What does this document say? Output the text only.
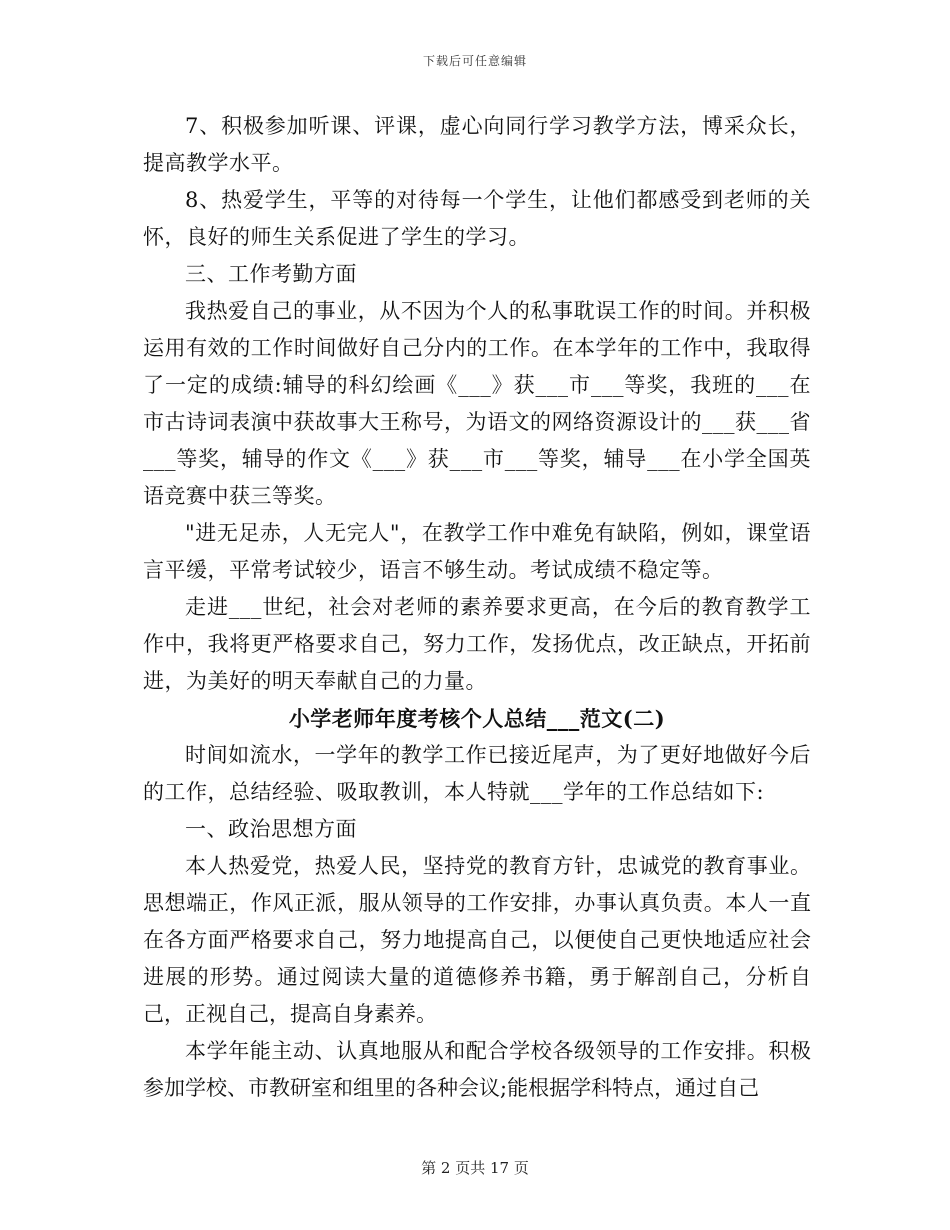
下载后可任意编辑

7、积极参加听课、评课，虚心向同行学习教学方法，博采众长，提高教学水平。

8、热爱学生，平等的对待每一个学生，让他们都感受到老师的关怀，良好的师生关系促进了学生的学习。

三、工作考勤方面

我热爱自己的事业，从不因为个人的私事耽误工作的时间。并积极运用有效的工作时间做好自己分内的工作。在本学年的工作中，我取得了一定的成绩:辅导的科幻绘画《___》获___市___等奖，我班的___在市古诗词表演中获故事大王称号，为语文的网络资源设计的___获___省___等奖，辅导的作文《___》获___市___等奖，辅导___在小学全国英语竞赛中获三等奖。

"进无足赤，人无完人"，在教学工作中难免有缺陷，例如，课堂语言平缓，平常考试较少，语言不够生动。考试成绩不稳定等。

走进___世纪，社会对老师的素养要求更高，在今后的教育教学工作中，我将更严格要求自己，努力工作，发扬优点，改正缺点，开拓前进，为美好的明天奉献自己的力量。

小学老师年度考核个人总结___范文(二)

时间如流水，一学年的教学工作已接近尾声，为了更好地做好今后的工作，总结经验、吸取教训，本人特就___学年的工作总结如下:

一、政治思想方面

本人热爱党，热爱人民，坚持党的教育方针，忠诚党的教育事业。思想端正，作风正派，服从领导的工作安排，办事认真负责。本人一直在各方面严格要求自己，努力地提高自己，以便使自己更快地适应社会进展的形势。通过阅读大量的道德修养书籍，勇于解剖自己，分析自己，正视自己，提高自身素养。

本学年能主动、认真地服从和配合学校各级领导的工作安排。积极参加学校、市教研室和组里的各种会议;能根据学科特点，通过自己

第 2 页共 17 页
